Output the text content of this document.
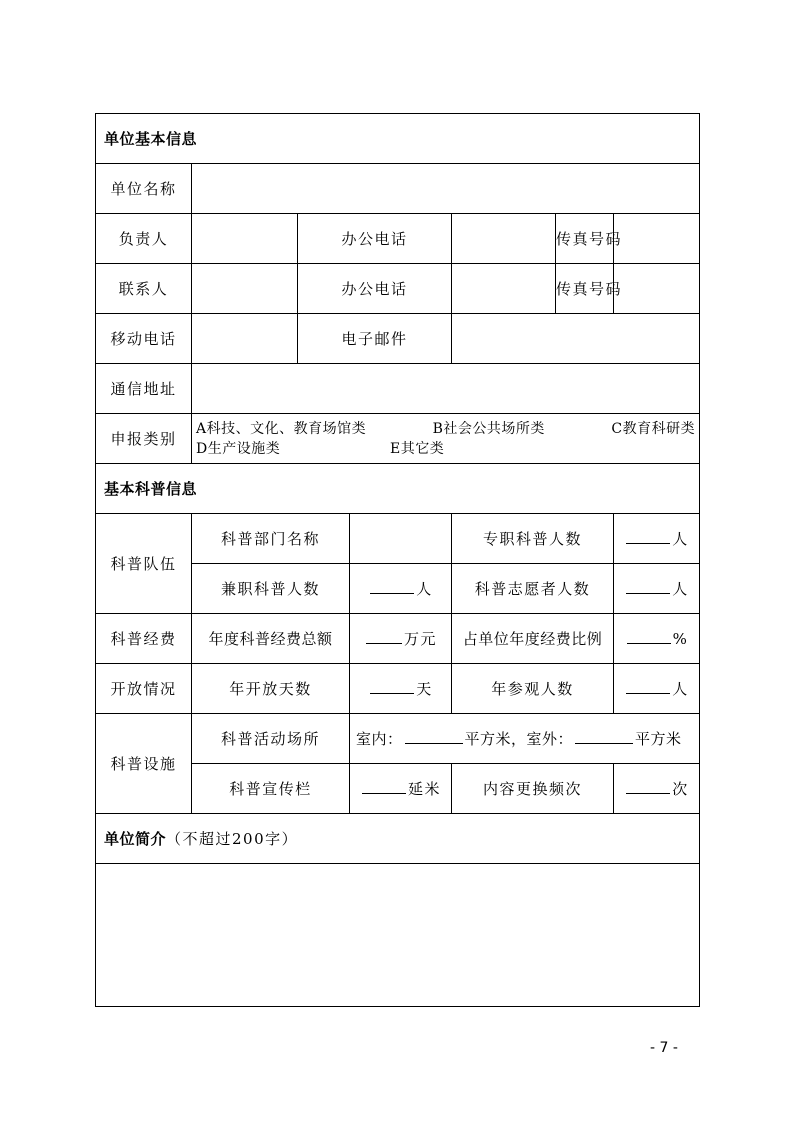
单位基本信息						
单位名称						
负责人		办公电话			传真号码	
联系人		办公电话			传真号码	
移动电话		电子邮件				
通信地址						
申报类别	A科技、文化、教育场馆类 B社会公共场所类 C教育科研类
D生产设施类 E其它类					

基本科普信息						
科普队伍	科普部门名称			专职科普人数		人
	兼职科普人数		人	科普志愿者人数		人
科普经费	年度科普经费总额		万元	占单位年度经费比例		%
开放情况	年开放天数		天	年参观人数		人
科普设施	科普活动场所		室内： 平方米，室外： 平方米			
	科普宣传栏		延米	内容更换频次		次
单位简介（不超过200字）						

- 7 -
